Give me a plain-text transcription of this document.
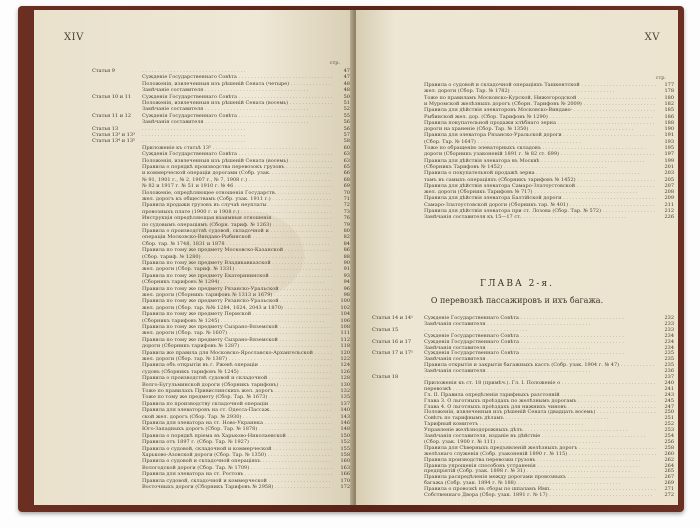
XIV
стр.
Статья 9 . . .	47
Сужденіе Государственнаго Совѣта . . .	47
Положенія, извлеченныя изъ рѣшеній Сената (четыре) . . .	48
Замѣчаніе составителя . . .	48
Статья 10 и 11	Сужденія Государственнаго Совѣта . . .	50
Положенія, извлеченныя изъ рѣшеній Сената (восемь) . . .	51
Замѣчаніе составителя . . .	52
Статья 11 и 12	Сужденія Государственнаго Совѣта . . .	55
Замѣчанія составителя . . .	56
Статья 13 . . .	56
Статья 13³ и 13³ . . .	57
Статья 13⁴ и 13⁵ . . .	58
Приложеніе къ статьѣ 13⁵ . . .	60
Сужденія Государственнаго Совѣта . . .	63
Положенія, извлеченныя изъ рѣшеній Сената (восемь) . . .	63
Правила о порядкѣ производства перевозокъ грузовъ . . .	65
и коммерческой операціи дорогами (Собр. узак. . . .	66
№ 91, 1901 г., № 2, 1907 г., № 7, 1908 г.) . . .	68
№ 82 и 1917 г. № 51 и 1910 г. № 46 . . .	69
Положеніе, опредѣляющее отношенія Государств. . . .	70
жел. дорогъ къ обществамъ (Собр. узак. 1911 г.) . . .	71
Правила продажи грузовъ въ случаѣ неуплаты . . .	72
провозныхъ плате (1900 г. и 1908 г.) . . .	73
Инструкція опредѣляющая взаимныя отношенія . . .	76
по судовымъ операціямъ (Сборн. тариф. № 1263) . . .	79
Правила о производствѣ судовой, складочной и . . .	80
операціи Московско-Виндаво-Рыбинской . . .	82
Сбор. тар. № 1748, 1831 и 1878 . . .	84
Правила по тому же предмету Московско-Казанской . . .	86
(Сбор. тариф. № 1280) . . .	88
Правила по тому же предмету Владикавказской . . .	90
жел. дороги (Сбор. тариф. № 1331) . . .	91
Правила по тому же предмету Екатерининской . . .	93
(Сборникъ тарифовъ № 1294) . . .	94
Правила по тому же предмету Рязанско-Уральской . . .	96
жел. дороги (Сборникъ тарифовъ № 1313 и 1679) . . .	98
Правила по тому же предмету Рязанско-Уральской . . .	100
жел. дороги (Сбор. тар. №№ 1284, 1624, 2043 и 1870) . . .	102
Правила по тому же предмету Пермской . . .	104
(Сборникъ тарифовъ № 1245) . . .	106
Правила по тому же предмету Сызрано-Вяземской . . .	108
жел. дороги (Сбор. тар. № 1607) . . .	111
Правила по тому же предмету Сызрано-Вяземской . . .	112
дороги (Сборникъ тарифовъ № 1287) . . .	118
Правила же правила для Московско-Ярославско-Архангельской . . .	120
жел. дороги (Сбор. тар. № 1387) . . .	122
Правила объ открытіи въ г. Ржевѣ операціи . . .	124
судовъ (Сборникъ тарифовъ № 1245) . . .	126
Правила о производствѣ судовой и складочной . . .	128
Волго-Бугульминской дороги (Сборникъ тарифовъ) . . .	130
Тоже по правилахъ Привислинскихъ жел. дорогъ . . .	132
Тоже по тому же предмету (Сбор. Тар. № 1673) . . .	135
Правила по производству складочной операціи . . .	137
Правила для элеваторовъ на ст. Одесса-Пассаж. . . .	140
ской жел. дорогъ (Сбор. Тар. № 2930) . . .	143
Правила для элеватора на ст. Ново-Украинка . . .	146
Юго-Западныхъ дорогъ (Сбор. Тар. № 1878) . . .	148
Правила о порядкѣ пріема въ Харьково-Николаевской . . .	150
Правила отъ 1897 г. (Сбор. Тар. № 1927) . . .	152
Правила о судовой, складочной и коммерческой . . .	155
Харьково-Азовской дороги (Сбор. Тар. № 1350) . . .	158
Правила о судовой и складочной операціяхъ . . .	160
Вологодской дороги (Сбор. Тар. № 1709) . . .	163
Правила для элеватора на ст. Ростовъ . . .	166
Правила судовой, складочной и коммерческой . . .	170
Восточныхъ дороги (Сборникъ Тарифовъ № 2958) . . .	172
XV
стр.
Правила о судовой и складочной операціяхъ Ташкентской . . .	177
жел. дороги (Сбор. Тар. № 1782) . . .	178
Тоже по правиламъ Московско-Курской, Нижегородской . . .	180
и Муромской желѣзныхъ дорогъ (Сборн. Тарифовъ № 2009) . . .	182
Правила для дѣйствія элеваторовъ Московско-Виндаво- . . .	185
Рыбинской жел. дор. (Сбор. Тарифовъ № 1290) . . .	186
Правила покупательной продажи хлѣбнаго зерна . . .	188
дороги на храненіе (Сбор. Тар. № 1350) . . .	190
Правила для элеватора Рязанско-Уральской дороги . . .	191
(Сбор. Тар. № 1647) . . .	193
Тоже по обращенію элеваторныхъ складовъ . . .	195
дороги (Сборникъ узаконеній 1891 г. № 82 ст. 699) . . .	197
Правила для дѣйствія элеватора въ Москвѣ . . .	199
(Сборникъ Тарифовъ № 1452) . . .	201
Правила о покупательной продажѣ зерна . . .	203
тамъ въ самыхъ операціяхъ (Сборникъ тарифовъ № 1452) . . .	205
Правила для дѣйствія элеватора Самаро-Златоустовской . . .	207
жел. дороги (Сборникъ Тарифовъ № 717) . . .	208
Правила для дѣйствія элеватора Балтійской дороги . . .	209
Самаро-Златоустовской дороги (Сборникъ тар. № 401) . . .	211
Правила для дѣйствія элеватора при ст. Лозова (Сбор. Тар. № 572) . . .	212
Замѣчанія составителя къ 15—17 ст. . . .	226
ГЛАВА 2-я.
О перевозкѣ пассажировъ и ихъ багажа.
Статья 14 и 14¹	Сужденіе Государственнаго Совѣта . . .	232
Замѣчанія составителя . . .	233
Статья 15 . . .	233
Сужденіе Государственнаго Совѣта . . .	234
Статья 16 и 17	Сужденія Государственнаго Совѣта . . .	234
Замѣчанія составителя . . .	234
Статья 17 и 17¹	Сужденія Государственнаго Совѣта . . .	235
Замѣчанія составителя . . .	235
Правила открытія и закрытія багажныхъ кассъ (Собр. узак. 1904 г. № 47) . . .	235
Замѣчанія составителя . . .	236
Статья 18 . . .	237
Приложенія къ ст. 18 (примѣч.). Гл. I. Положеніе о . . .	240
перевозкѣ . . .	241
Гл. II. Правила опредѣленія тарифныхъ разстояній . . .	243
Глава 3. О льготныхъ проѣздахъ по желѣзнымъ дорогамъ . . .	245
Глава 4. О льготныхъ проѣздахъ для нижнихъ чиновъ . . .	247
Положенія, извлеченныя изъ рѣшеній Сената (двадцать восемь) . . .	250
Совѣтъ по тарифнымъ дѣламъ . . .	251
Тарифный комитетъ . . .	252
Управленіе желѣзнодорожныхъ дѣлъ . . .	253
Замѣчанія составителя, изданіе въ дѣйствіе . . .	254
(Сбор. узак. 1900 г. № 111) . . .	256
Правила для Сѣверныхъ предъявленій желѣзныхъ дорогъ . . .	258
желѣзнаго служенія (Собр. узаконеній 1890 г. № 115) . . .	260
Правила производства перевозки грузовъ . . .	262
Правила упрощенія способовъ устраненія . . .	264
предпріятій (Собр. узак. 1898 г. № 31) . . .	265
Правила распредѣленія между дорогами провозныхъ . . .	267
багажа (Собр. узак. 1894 г. № 188) . . .	269
Правила о провозкѣ въ сборы по шпаламъ Имп. . . .	271
Собственнаго Двора (Сбор. узак. 1891 г. № 17) . . .	272
